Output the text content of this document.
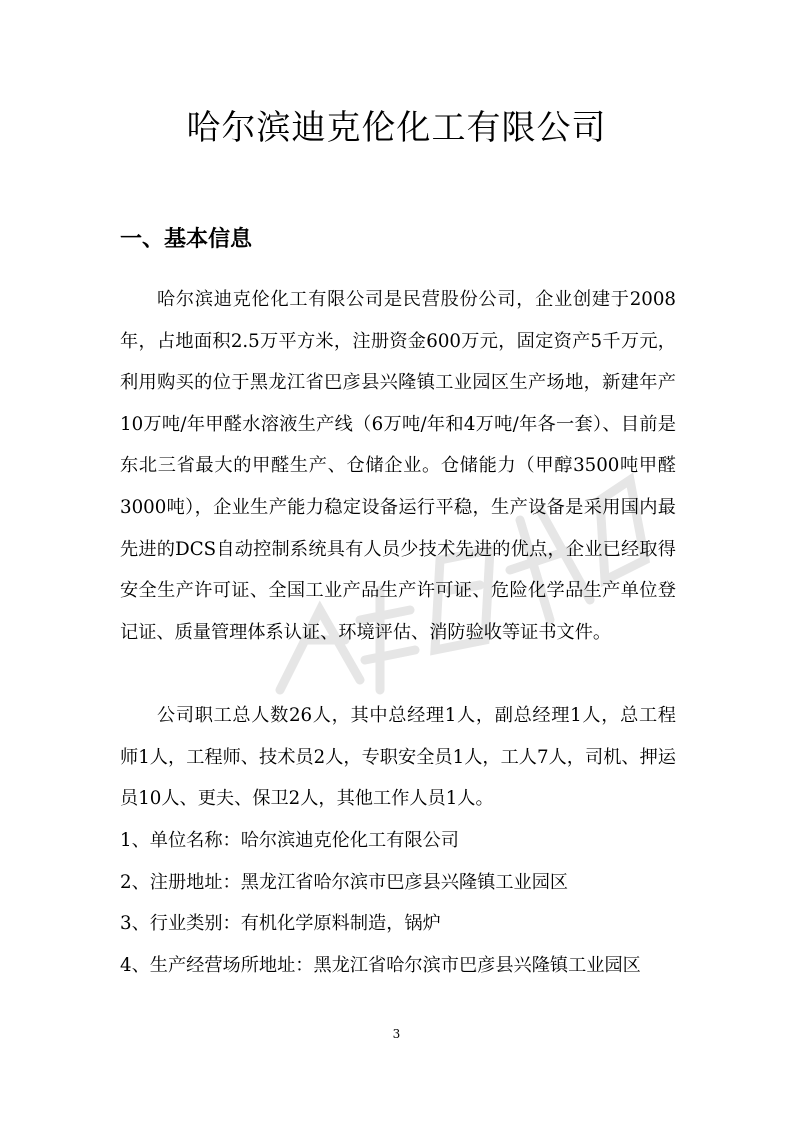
哈尔滨迪克伦化工有限公司
一、基本信息

哈尔滨迪克伦化工有限公司是民营股份公司，企业创建于2008年，占地面积2.5万平方米，注册资金600万元，固定资产5千万元，利用购买的位于黑龙江省巴彦县兴隆镇工业园区生产场地，新建年产10万吨/年甲醛水溶液生产线（6万吨/年和4万吨/年各一套）、目前是东北三省最大的甲醛生产、仓储企业。仓储能力（甲醇3500吨甲醛3000吨），企业生产能力稳定设备运行平稳，生产设备是采用国内最先进的DCS自动控制系统具有人员少技术先进的优点，企业已经取得安全生产许可证、全国工业产品生产许可证、危险化学品生产单位登记证、质量管理体系认证、环境评估、消防验收等证书文件。

公司职工总人数26人，其中总经理1人，副总经理1人，总工程师1人，工程师、技术员2人，专职安全员1人，工人7人，司机、押运员10人、更夫、保卫2人，其他工作人员1人。

1、单位名称：哈尔滨迪克伦化工有限公司

2、注册地址：黑龙江省哈尔滨市巴彦县兴隆镇工业园区

3、行业类别：有机化学原料制造，锅炉

4、生产经营场所地址：黑龙江省哈尔滨市巴彦县兴隆镇工业园区

3
